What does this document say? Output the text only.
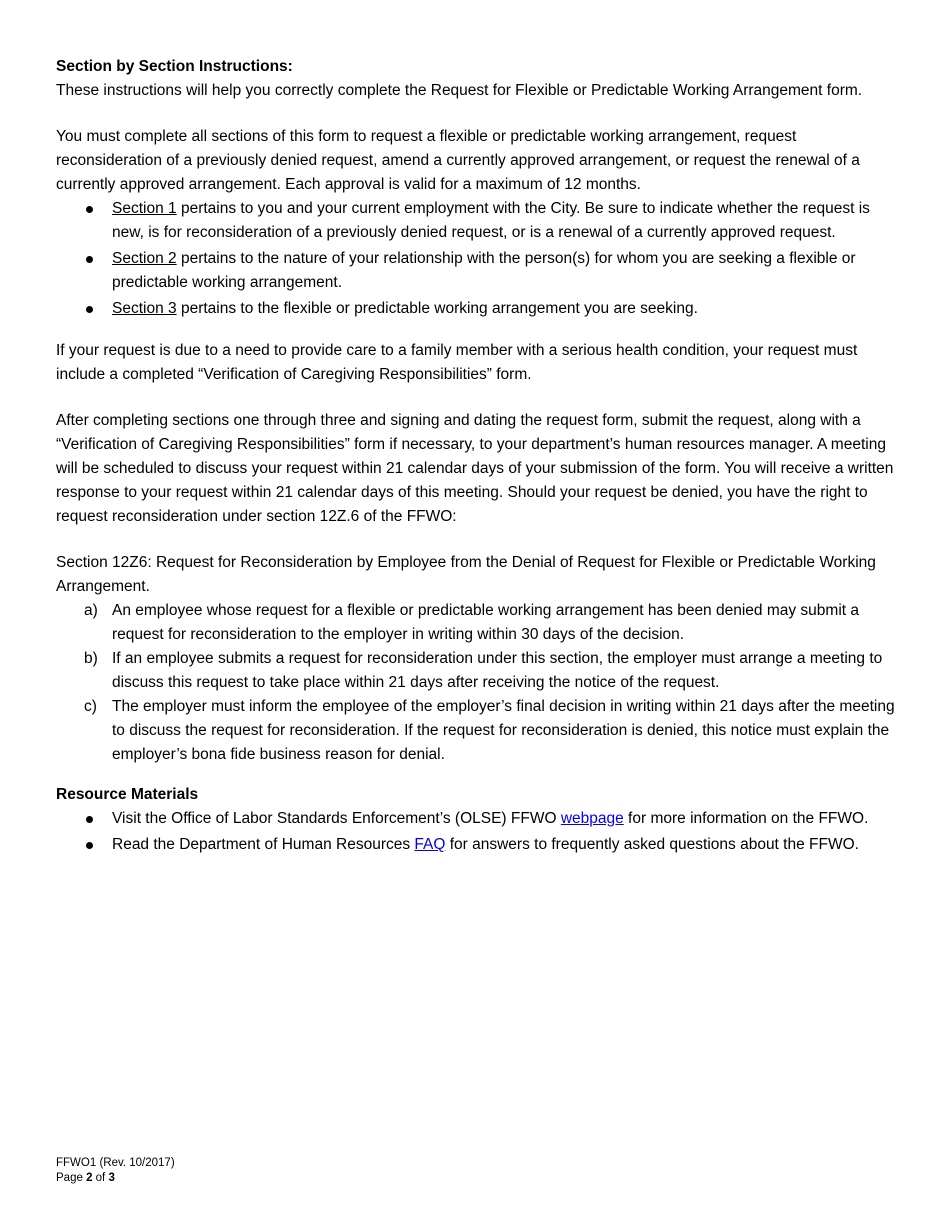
Section by Section Instructions:

These instructions will help you correctly complete the Request for Flexible or Predictable Working Arrangement form.

You must complete all sections of this form to request a flexible or predictable working arrangement, request reconsideration of a previously denied request, amend a currently approved arrangement, or request the renewal of a currently approved arrangement. Each approval is valid for a maximum of 12 months.

Section 1 pertains to you and your current employment with the City. Be sure to indicate whether the request is new, is for reconsideration of a previously denied request, or is a renewal of a currently approved request.
Section 2 pertains to the nature of your relationship with the person(s) for whom you are seeking a flexible or predictable working arrangement.
Section 3 pertains to the flexible or predictable working arrangement you are seeking.

If your request is due to a need to provide care to a family member with a serious health condition, your request must include a completed “Verification of Caregiving Responsibilities” form.

After completing sections one through three and signing and dating the request form, submit the request, along with a “Verification of Caregiving Responsibilities” form if necessary, to your department’s human resources manager. A meeting will be scheduled to discuss your request within 21 calendar days of your submission of the form. You will receive a written response to your request within 21 calendar days of this meeting. Should your request be denied, you have the right to request reconsideration under section 12Z.6 of the FFWO:

Section 12Z6: Request for Reconsideration by Employee from the Denial of Request for Flexible or Predictable Working Arrangement.

a) An employee whose request for a flexible or predictable working arrangement has been denied may submit a request for reconsideration to the employer in writing within 30 days of the decision.
b) If an employee submits a request for reconsideration under this section, the employer must arrange a meeting to discuss this request to take place within 21 days after receiving the notice of the request.
c) The employer must inform the employee of the employer’s final decision in writing within 21 days after the meeting to discuss the request for reconsideration. If the request for reconsideration is denied, this notice must explain the employer’s bona fide business reason for denial.

Resource Materials

Visit the Office of Labor Standards Enforcement’s (OLSE) FFWO webpage for more information on the FFWO.
Read the Department of Human Resources FAQ for answers to frequently asked questions about the FFWO.
FFWO1 (Rev. 10/2017)
Page 2 of 3
